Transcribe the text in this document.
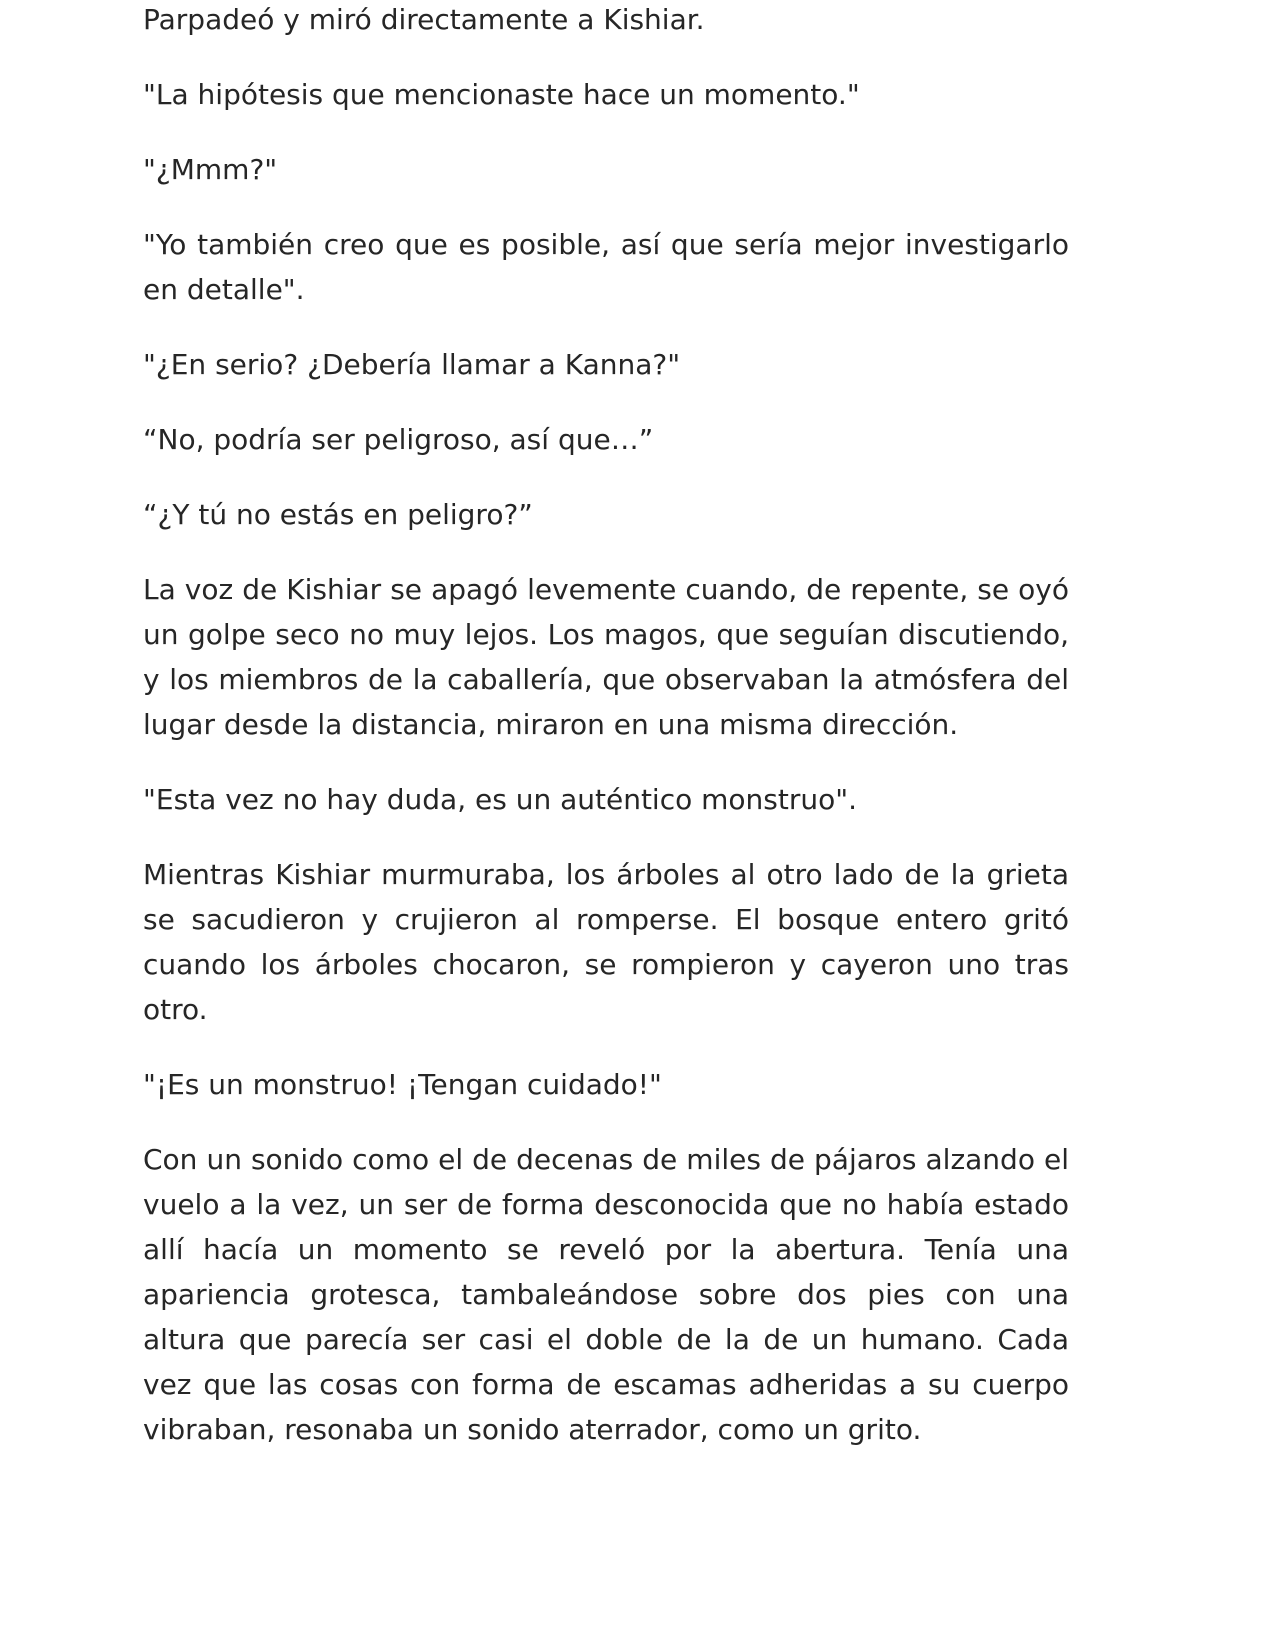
Parpadeó y miró directamente a Kishiar.

"La hipótesis que mencionaste hace un momento."

"¿Mmm?"

"Yo también creo que es posible, así que sería mejor investigarlo en detalle".

"¿En serio? ¿Debería llamar a Kanna?"

“No, podría ser peligroso, así que…”

“¿Y tú no estás en peligro?”

La voz de Kishiar se apagó levemente cuando, de repente, se oyó un golpe seco no muy lejos. Los magos, que seguían discutiendo, y los miembros de la caballería, que observaban la atmósfera del lugar desde la distancia, miraron en una misma dirección.

"Esta vez no hay duda, es un auténtico monstruo".

Mientras Kishiar murmuraba, los árboles al otro lado de la grieta se sacudieron y crujieron al romperse. El bosque entero gritó cuando los árboles chocaron, se rompieron y cayeron uno tras otro.

"¡Es un monstruo! ¡Tengan cuidado!"

Con un sonido como el de decenas de miles de pájaros alzando el vuelo a la vez, un ser de forma desconocida que no había estado allí hacía un momento se reveló por la abertura. Tenía una apariencia grotesca, tambaleándose sobre dos pies con una altura que parecía ser casi el doble de la de un humano. Cada vez que las cosas con forma de escamas adheridas a su cuerpo vibraban, resonaba un sonido aterrador, como un grito.
